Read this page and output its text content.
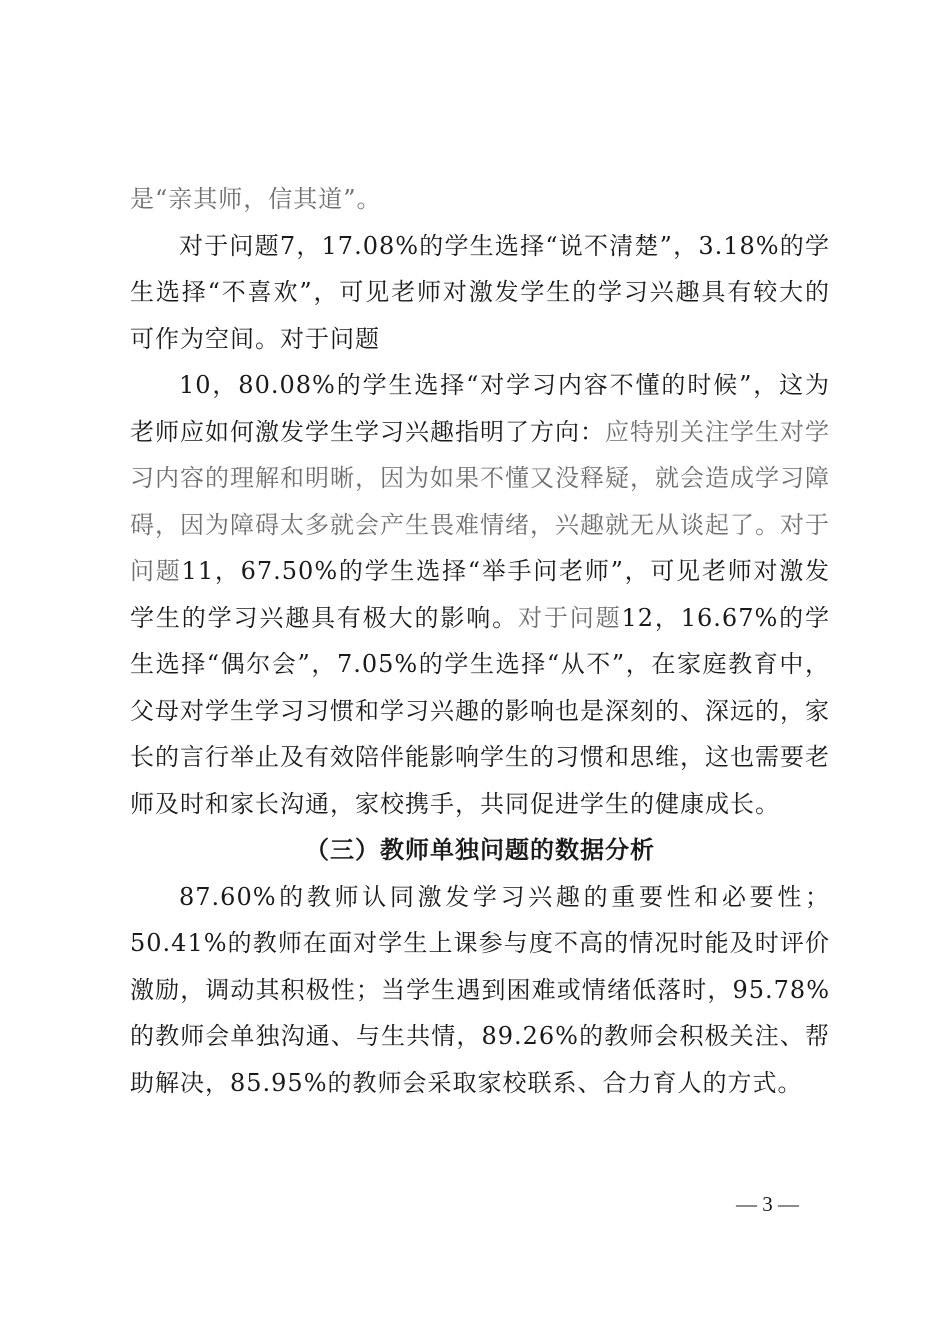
是“亲其师，信其道”。

对于问题7，17.08%的学生选择“说不清楚”，3.18%的学生选择“不喜欢”，可见老师对激发学生的学习兴趣具有较大的可作为空间。对于问题

10，80.08%的学生选择“对学习内容不懂的时候”，这为老师应如何激发学生学习兴趣指明了方向：应特别关注学生对学习内容的理解和明晰，因为如果不懂又没释疑，就会造成学习障碍，因为障碍太多就会产生畏难情绪，兴趣就无从谈起了。对于问题11，67.50%的学生选择“举手问老师”，可见老师对激发学生的学习兴趣具有极大的影响。对于问题12，16.67%的学生选择“偶尔会”，7.05%的学生选择“从不”，在家庭教育中，父母对学生学习习惯和学习兴趣的影响也是深刻的、深远的，家长的言行举止及有效陪伴能影响学生的习惯和思维，这也需要老师及时和家长沟通，家校携手，共同促进学生的健康成长。

（三）教师单独问题的数据分析

87.60%的教师认同激发学习兴趣的重要性和必要性；50.41%的教师在面对学生上课参与度不高的情况时能及时评价激励，调动其积极性；当学生遇到困难或情绪低落时，95.78%的教师会单独沟通、与生共情，89.26%的教师会积极关注、帮助解决，85.95%的教师会采取家校联系、合力育人的方式。

— 3 —
